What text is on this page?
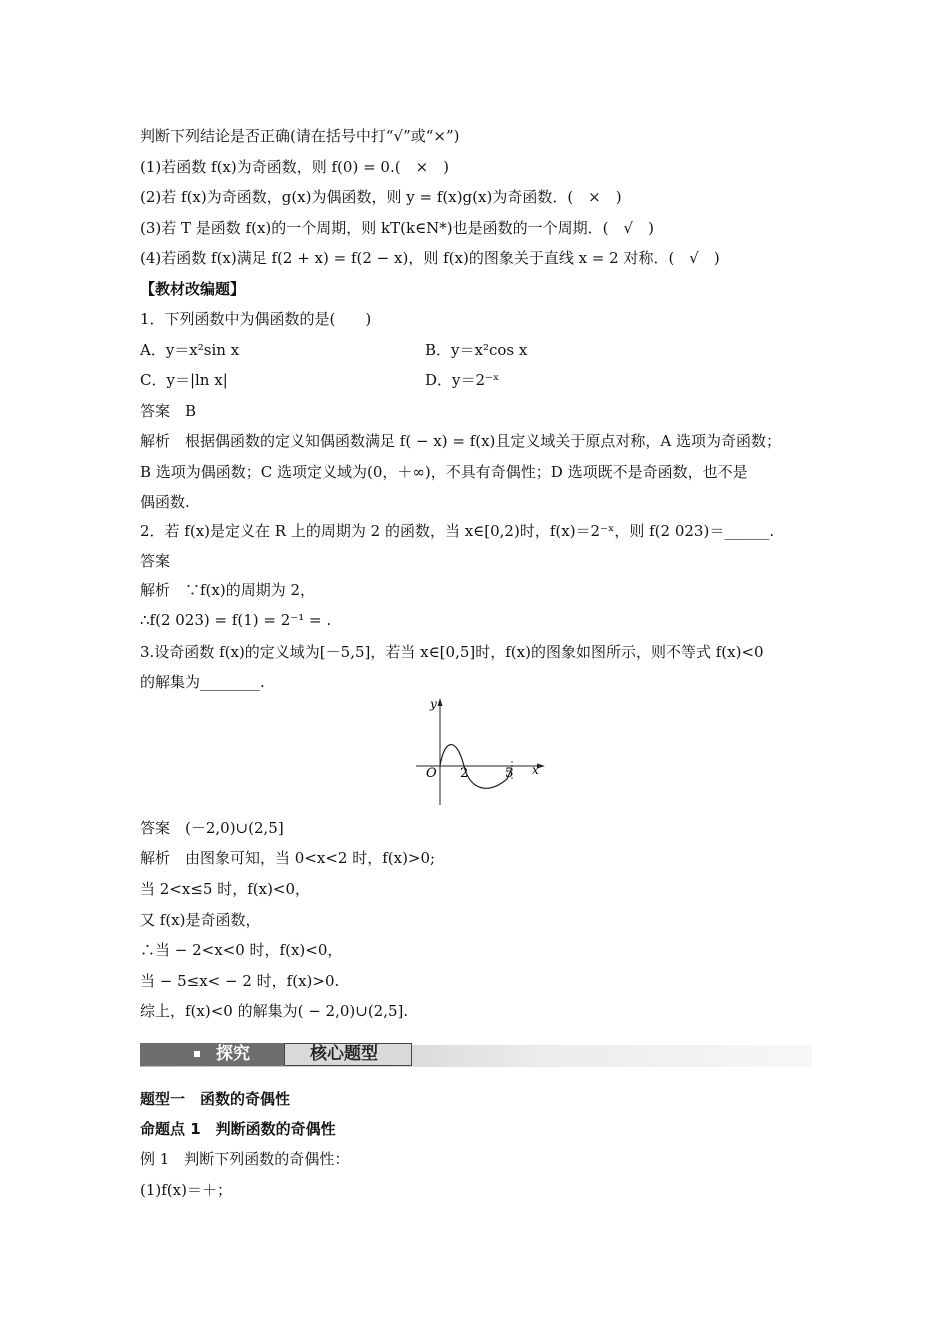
判断下列结论是否正确(请在括号中打“√”或“×”)
(1)若函数 f(x)为奇函数，则 f(0) = 0.(　×　)
(2)若 f(x)为奇函数，g(x)为偶函数，则 y = f(x)g(x)为奇函数．(　×　)
(3)若 T 是函数 f(x)的一个周期，则 kT(k∈N*)也是函数的一个周期．(　√　)
(4)若函数 f(x)满足 f(2 + x) = f(2 − x)，则 f(x)的图象关于直线 x = 2 对称．(　√　)
【教材改编题】
1．下列函数中为偶函数的是(　　)
A．y＝x²sin x	B．y＝x²cos x
C．y＝|ln x|	D．y＝2⁻ˣ
答案　B
解析　根据偶函数的定义知偶函数满足 f( − x) = f(x)且定义域关于原点对称，A 选项为奇函数；
B 选项为偶函数；C 选项定义域为(0，＋∞)，不具有奇偶性；D 选项既不是奇函数，也不是
偶函数.
2．若 f(x)是定义在 R 上的周期为 2 的函数，当 x∈[0,2)时，f(x)＝2⁻ˣ，则 f(2 023)＝______.
答案
解析　∵f(x)的周期为 2，
∴f(2 023) = f(1) = 2⁻¹ = .
3.设奇函数 f(x)的定义域为[－5,5]，若当 x∈[0,5]时，f(x)的图象如图所示，则不等式 f(x)<0
的解集为________.
y
x
O 2	5
答案　(－2,0)∪(2,5]
解析　由图象可知，当 0<x<2 时，f(x)>0;
当 2<x≤5 时，f(x)<0，
又 f(x)是奇函数，
∴当 − 2<x<0 时，f(x)<0，
当 − 5≤x< − 2 时，f(x)>0.
综上，f(x)<0 的解集为( − 2,0)∪(2,5].
探究	核心题型
题型一　函数的奇偶性
命题点 1　判断函数的奇偶性
例 1　判断下列函数的奇偶性：
(1)f(x)＝＋；
